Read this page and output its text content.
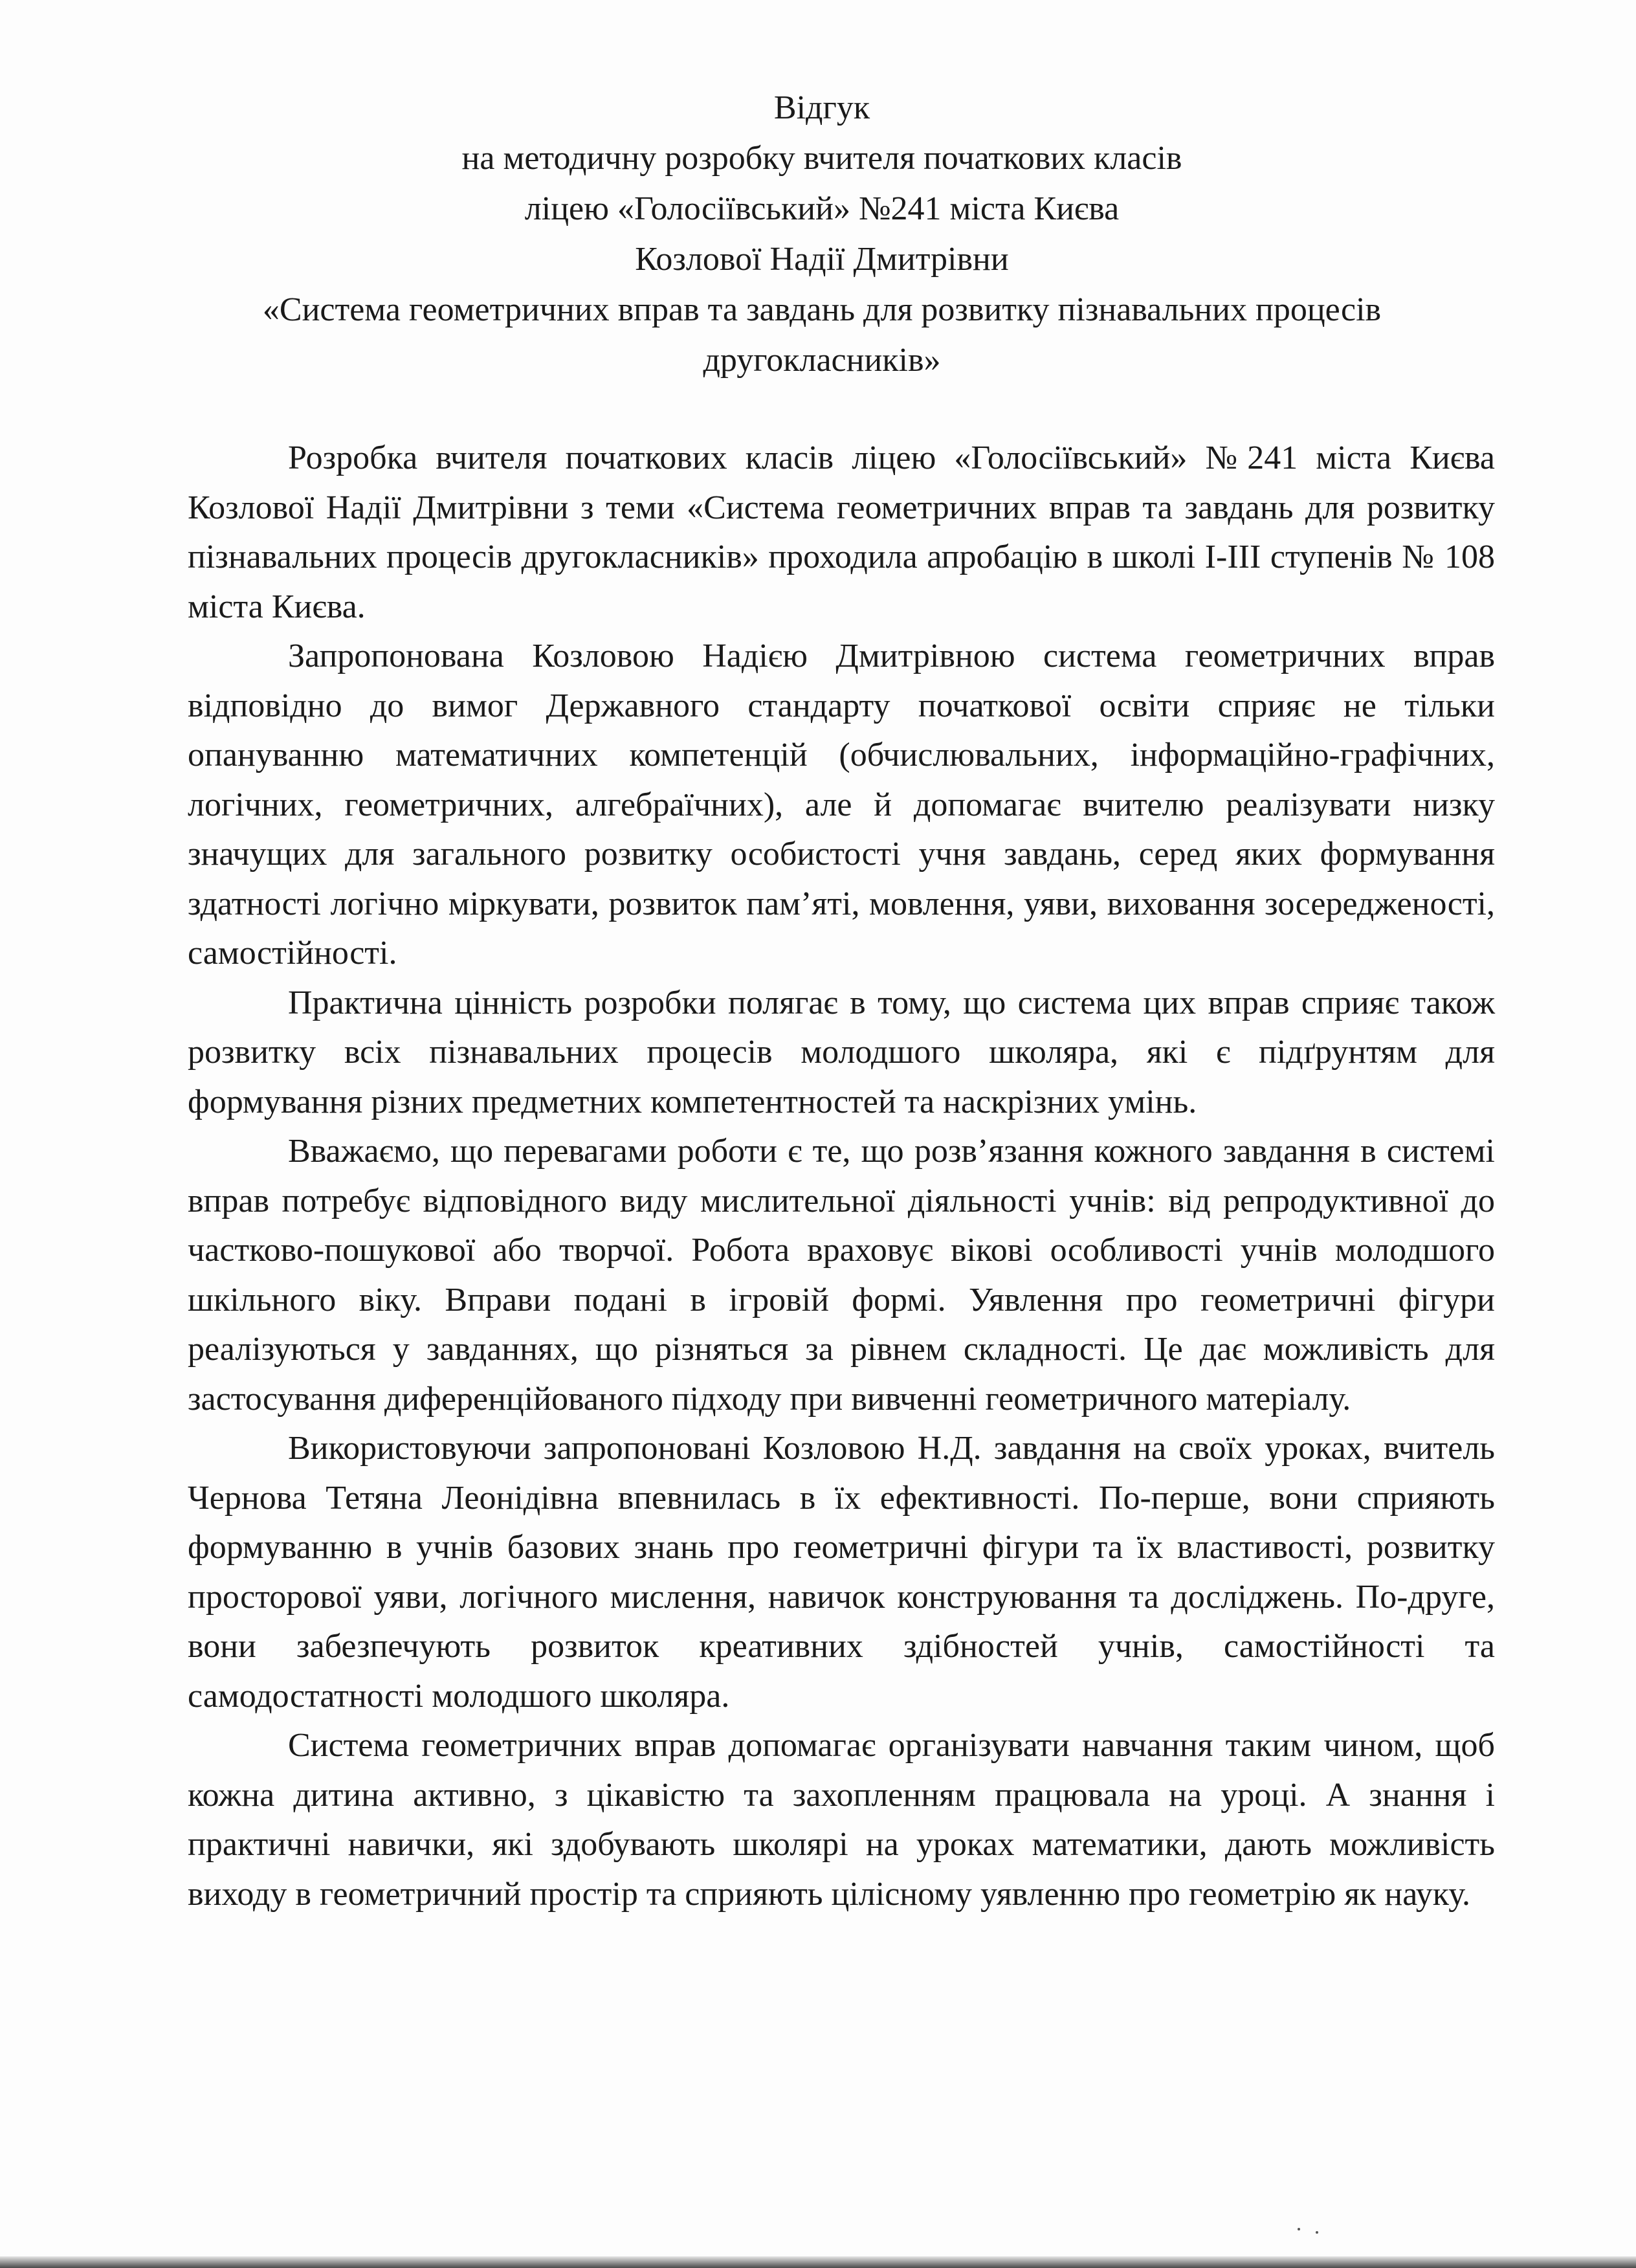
Відгук
на методичну розробку вчителя початкових класів
ліцею «Голосіївський» №241 міста Києва
Козлової Надії Дмитрівни
«Система геометричних вправ та завдань для розвитку пізнавальних процесів
другокласників»

Розробка вчителя початкових класів ліцею «Голосіївський» №241 міста Києва Козлової Надії Дмитрівни з теми «Система геометричних вправ та завдань для розвитку пізнавальних процесів другокласників» проходила апробацію в школі І-ІІІ ступенів № 108 міста Києва.

Запропонована Козловою Надією Дмитрівною система геометричних вправ відповідно до вимог Державного стандарту початкової освіти сприяє не тільки опануванню математичних компетенцій (обчислювальних, інформаційно-графічних, логічних, геометричних, алгебраїчних), але й допомагає вчителю реалізувати низку значущих для загального розвитку особистості учня завдань, серед яких формування здатності логічно міркувати, розвиток пам’яті, мовлення, уяви, виховання зосередженості, самостійності.

Практична цінність розробки полягає в тому, що система цих вправ сприяє також розвитку всіх пізнавальних процесів молодшого школяра, які є підґрунтям для формування різних предметних компетентностей та наскрізних умінь.

Вважаємо, що перевагами роботи є те, що розв’язання кожного завдання в системі вправ потребує відповідного виду мислительної діяльності учнів: від репродуктивної до частково-пошукової або творчої. Робота враховує вікові особливості учнів молодшого шкільного віку. Вправи подані в ігровій формі. Уявлення про геометричні фігури реалізуються у завданнях, що різняться за рівнем складності. Це дає можливість для застосування диференційованого підходу при вивченні геометричного матеріалу.

Використовуючи запропоновані Козловою Н.Д. завдання на своїх уроках, вчитель Чернова Тетяна Леонідівна впевнилась в їх ефективності. По-перше, вони сприяють формуванню в учнів базових знань про геометричні фігури та їх властивості, розвитку просторової уяви, логічного мислення, навичок конструювання та досліджень. По-друге, вони забезпечують розвиток креативних здібностей учнів, самостійності та самодостатності молодшого школяра.

Система геометричних вправ допомагає організувати навчання таким чином, щоб кожна дитина активно, з цікавістю та захопленням працювала на уроці. А знання і практичні навички, які здобувають школярі на уроках математики, дають можливість виходу в геометричний простір та сприяють цілісному уявленню про геометрію як науку.
